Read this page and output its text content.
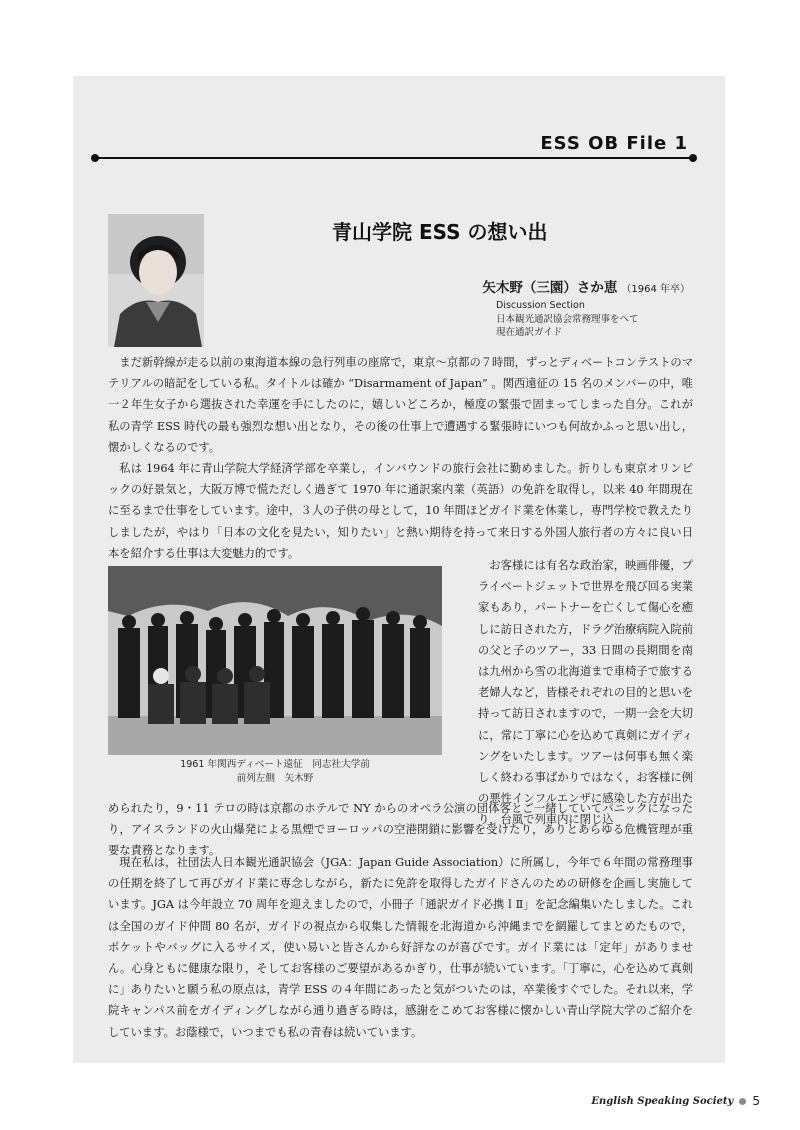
ESS OB File 1
青山学院 ESS の想い出
矢木野（三園）さか恵 （1964 年卒）
Discussion Section
日本観光通訳協会常務理事をへて
現在通訳ガイド

まだ新幹線が走る以前の東海道本線の急行列車の座席で，東京〜京都の７時間，ずっとディベートコンテストのマテリアルの暗記をしている私。タイトルは確か “Disarmament of Japan” 。関西遠征の 15 名のメンバーの中，唯一２年生女子から選抜された幸運を手にしたのに，嬉しいどころか，極度の緊張で固まってしまった自分。これが私の青学 ESS 時代の最も強烈な想い出となり，その後の仕事上で遭遇する緊張時にいつも何故かふっと思い出し，懐かしくなるのです。

私は 1964 年に青山学院大学経済学部を卒業し，インバウンドの旅行会社に勤めました。折りしも東京オリンピックの好景気と，大阪万博で慌ただしく過ぎて 1970 年に通訳案内業（英語）の免許を取得し，以来 40 年間現在に至るまで仕事をしています。途中，３人の子供の母として，10 年間ほどガイド業を休業し，専門学校で教えたりしましたが，やはり「日本の文化を見たい，知りたい」と熱い期待を持って来日する外国人旅行者の方々に良い日本を紹介する仕事は大変魅力的です。

お客様には有名な政治家，映画俳優，プライベートジェットで世界を飛び回る実業家もあり，パートナーを亡くして傷心を癒しに訪日された方，ドラグ治療病院入院前の父と子のツアー，33 日間の長期間を南は九州から雪の北海道まで車椅子で旅する老婦人など，皆様それぞれの目的と思いを持って訪日されますので，一期一会を大切に，常に丁寧に心を込めて真剣にガイディングをいたします。ツアーは何事も無く楽しく終わる事ばかりではなく，お客様に例の悪性インフルエンザに感染した方が出たり，台風で列車内に閉じ込

められたり，9・11 テロの時は京都のホテルで NY からのオペラ公演の団体客とご一緒していてパニックになったり，アイスランドの火山爆発による黒煙でヨーロッパの空港閉鎖に影響を受けたり，ありとあらゆる危機管理が重要な責務となります。

現在私は，社団法人日本観光通訳協会（JGA：Japan Guide Association）に所属し，今年で６年間の常務理事の任期を終了して再びガイド業に専念しながら，新たに免許を取得したガイドさんのための研修を企画し実施しています。JGA は今年設立 70 周年を迎えましたので，小冊子「通訳ガイド必携ＩⅡ」を記念編集いたしました。これは全国のガイド仲間 80 名が，ガイドの視点から収集した情報を北海道から沖縄までを網羅してまとめたもので，ポケットやバッグに入るサイズ，使い易いと皆さんから好評なのが喜びです。ガイド業には「定年」がありません。心身ともに健康な限り，そしてお客様のご要望があるかぎり，仕事が続いています。「丁寧に，心を込めて真剣に」ありたいと願う私の原点は，青学 ESS の４年間にあったと気がついたのは，卒業後すぐでした。それ以来，学院キャンパス前をガイディングしながら通り過ぎる時は，感謝をこめてお客様に懐かしい青山学院大学のご紹介をしています。お蔭様で，いつまでも私の青春は続いています。

1961 年関西ディベート遠征　同志社大学前
前列左側　矢木野
English Speaking Society 5
